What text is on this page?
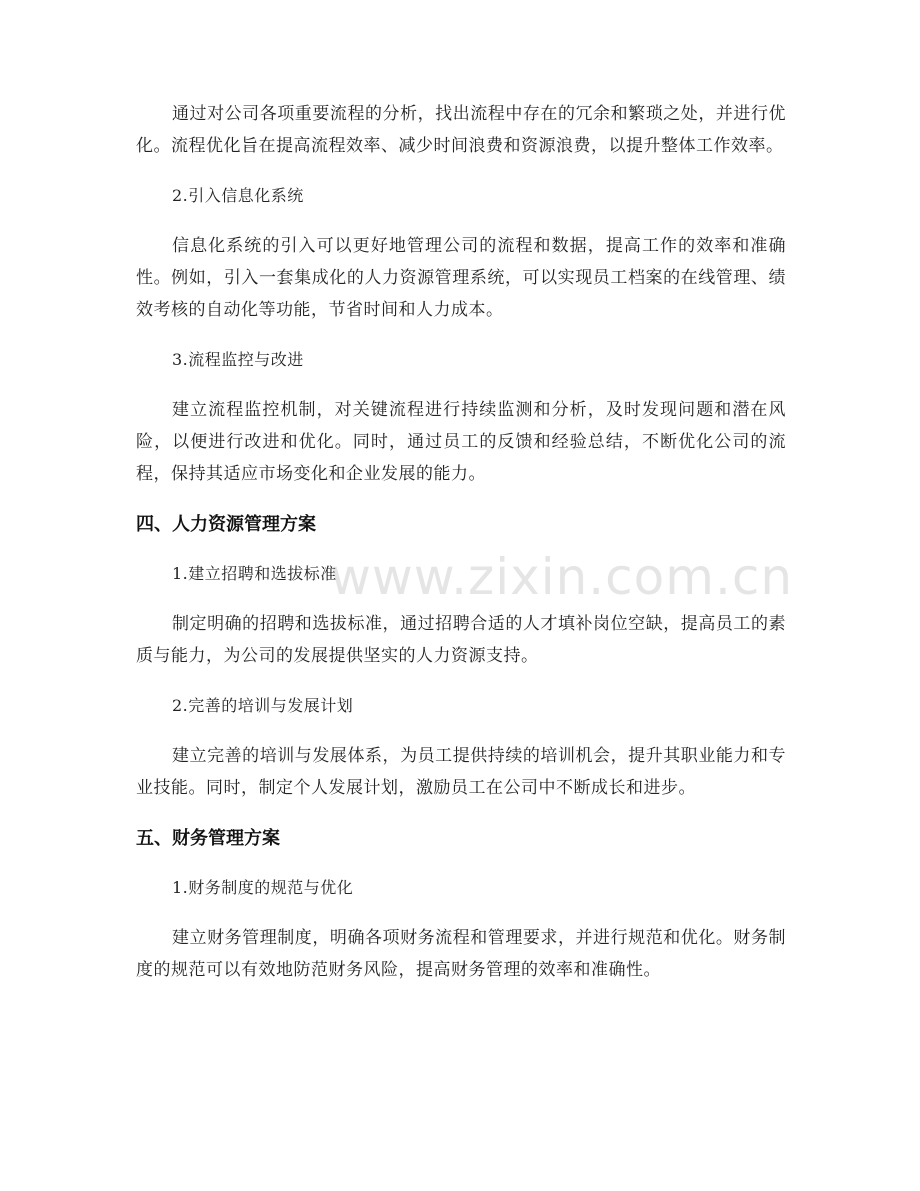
通过对公司各项重要流程的分析，找出流程中存在的冗余和繁琐之处，并进行优化。流程优化旨在提高流程效率、减少时间浪费和资源浪费，以提升整体工作效率。

2.引入信息化系统

信息化系统的引入可以更好地管理公司的流程和数据，提高工作的效率和准确性。例如，引入一套集成化的人力资源管理系统，可以实现员工档案的在线管理、绩效考核的自动化等功能，节省时间和人力成本。

3.流程监控与改进

建立流程监控机制，对关键流程进行持续监测和分析，及时发现问题和潜在风险，以便进行改进和优化。同时，通过员工的反馈和经验总结，不断优化公司的流程，保持其适应市场变化和企业发展的能力。

四、人力资源管理方案
1.建立招聘和选拔标准

制定明确的招聘和选拔标准，通过招聘合适的人才填补岗位空缺，提高员工的素质与能力，为公司的发展提供坚实的人力资源支持。

2.完善的培训与发展计划

建立完善的培训与发展体系，为员工提供持续的培训机会，提升其职业能力和专业技能。同时，制定个人发展计划，激励员工在公司中不断成长和进步。

五、财务管理方案
1.财务制度的规范与优化

建立财务管理制度，明确各项财务流程和管理要求，并进行规范和优化。财务制度的规范可以有效地防范财务风险，提高财务管理的效率和准确性。

www.zixin.com.cn
